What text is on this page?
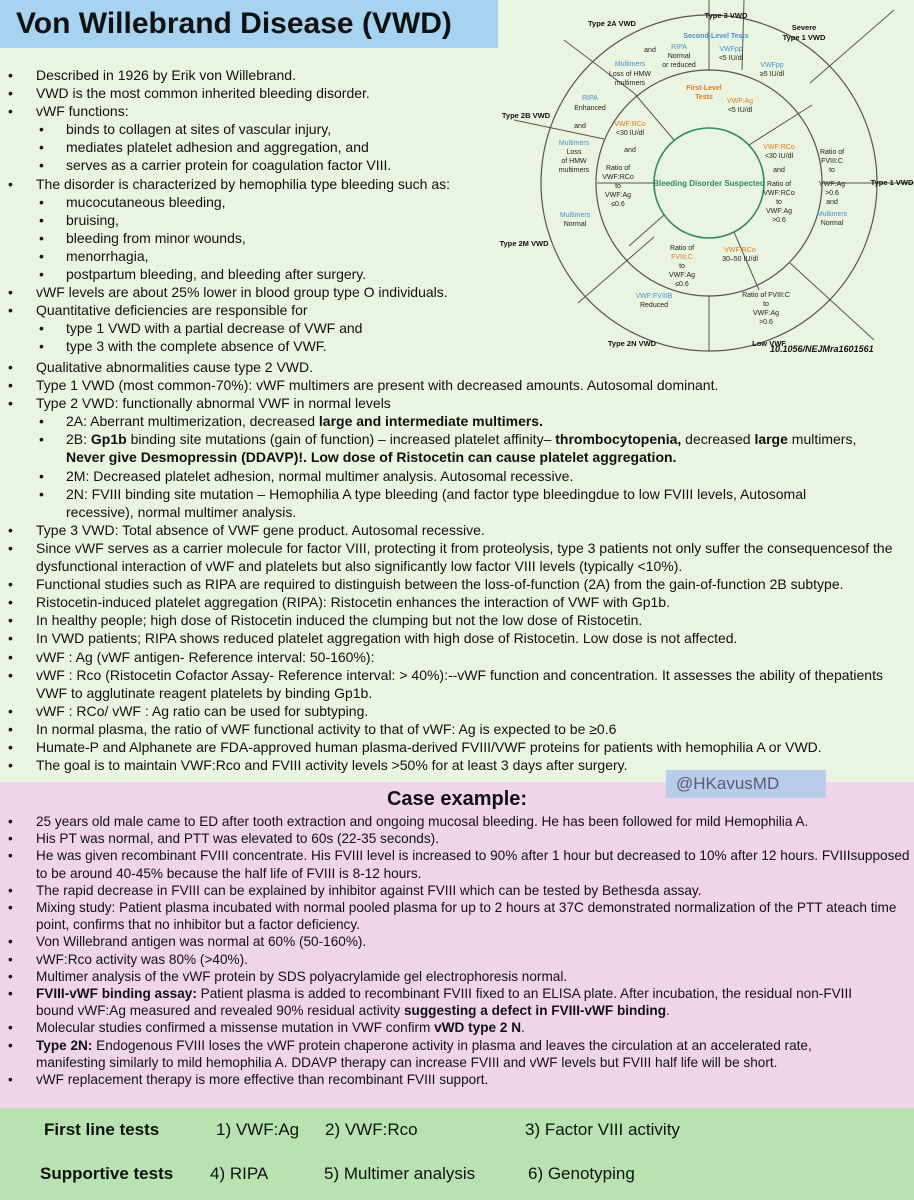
Von Willebrand Disease (VWD)
Bleeding Disorder Suspected
First-Level
Tests
Second-Level Tests
Type 3 VWD
Severe
Type 1 VWD
Type 1 VWD
Low VWF
Type 2N VWD
Type 2M VWD
Type 2B VWD
Type 2A VWD
RIPA
Normal
or reduced
VWFpp
<5 IU/dl
VWFpp
≥5 IU/dl
Ratio of
FVIII:C
to
VWF:Ag
>0.6
and
Multimers
Normal
Ratio of FVIII:C
to
VWF:Ag
>0.6
VWF:FVIIIB
Reduced
Multimers
Normal
RIPA
Enhanced
and
Multimers
Loss
of HMW
multimers
and
Multimers
Loss of HMW
multimers
VWF:Ag
<5 IU/dl
VWF:RCo
<30 IU/dl
and
Ratio of
VWF:RCo
to
VWF:Ag
>0.6
VWF:RCo
30–50 IU/dl
Ratio of
FVIII:C
to
VWF:Ag
≤0.6
VWF:RCo
<30 IU/dl
and
Ratio of
VWF:RCo
to
VWF:Ag
≤0.6
10.1056/NEJMra1601561
• Described in 1926 by Erik von Willebrand.
• VWD is the most common inherited bleeding disorder.
• vWF functions:
• binds to collagen at sites of vascular injury,
• mediates platelet adhesion and aggregation, and
• serves as a carrier protein for coagulation factor VIII.
• The disorder is characterized by hemophilia type bleeding such as:
• mucocutaneous bleeding,
• bruising,
• bleeding from minor wounds,
• menorrhagia,
• postpartum bleeding, and bleeding after surgery.
• vWF levels are about 25% lower in blood group type O individuals.
• Quantitative deficiencies are responsible for
• type 1 VWD with a partial decrease of VWF and
• type 3 with the complete absence of VWF.
• Qualitative abnormalities cause type 2 VWD.
• Type 1 VWD (most common-70%): vWF multimers are present with decreased amounts. Autosomal dominant.
• Type 2 VWD: functionally abnormal VWF in normal levels
• 2A: Aberrant multimerization, decreased large and intermediate multimers.
• 2B: Gp1b binding site mutations (gain of function) – increased platelet affinity– thrombocytopenia, decreased large multimers,
Never give Desmopressin (DDAVP)!. Low dose of Ristocetin can cause platelet aggregation.
• 2M: Decreased platelet adhesion, normal multimer analysis. Autosomal recessive.
• 2N: FVIII binding site mutation – Hemophilia A type bleeding (and factor type bleedingdue to low FVIII levels, Autosomal
recessive), normal multimer analysis.
• Type 3 VWD: Total absence of VWF gene product. Autosomal recessive.
• Since vWF serves as a carrier molecule for factor VIII, protecting it from proteolysis, type 3 patients not only suffer the consequencesof the dysfunctional interaction of vWF and platelets but also significantly low factor VIII levels (typically <10%).
• Functional studies such as RIPA are required to distinguish between the loss-of-function (2A) from the gain-of-function 2B subtype.
• Ristocetin-induced platelet aggregation (RIPA): Ristocetin enhances the interaction of VWF with Gp1b.
• In healthy people; high dose of Ristocetin induced the clumping but not the low dose of Ristocetin.
• In VWD patients; RIPA shows reduced platelet aggregation with high dose of Ristocetin. Low dose is not affected.
• vWF : Ag (vWF antigen- Reference interval: 50-160%):
• vWF : Rco (Ristocetin Cofactor Assay- Reference interval: > 40%):--vWF function and concentration. It assesses the ability of thepatients VWF to agglutinate reagent platelets by binding Gp1b.
• vWF : RCo/ vWF : Ag ratio can be used for subtyping.
• In normal plasma, the ratio of vWF functional activity to that of vWF: Ag is expected to be ≥0.6
• Humate-P and Alphanete are FDA-approved human plasma-derived FVIII/VWF proteins for patients with hemophilia A or VWD.
• The goal is to maintain VWF:Rco and FVIII activity levels >50% for at least 3 days after surgery.
@HKavusMD
Case example:
• 25 years old male came to ED after tooth extraction and ongoing mucosal bleeding. He has been followed for mild Hemophilia A.
• His PT was normal, and PTT was elevated to 60s (22-35 seconds).
• He was given recombinant FVIII concentrate. His FVIII level is increased to 90% after 1 hour but decreased to 10% after 12 hours. FVIIIsupposed to be around 40-45% because the half life of FVIII is 8-12 hours.
• The rapid decrease in FVIII can be explained by inhibitor against FVIII which can be tested by Bethesda assay.
• Mixing study: Patient plasma incubated with normal pooled plasma for up to 2 hours at 37C demonstrated normalization of the PTT ateach time point, confirms that no inhibitor but a factor deficiency.
• Von Willebrand antigen was normal at 60% (50-160%).
• vWF:Rco activity was 80% (>40%).
• Multimer analysis of the vWF protein by SDS polyacrylamide gel electrophoresis normal.
• FVIII-vWF binding assay: Patient plasma is added to recombinant FVIII fixed to an ELISA plate. After incubation, the residual non-FVIII
bound vWF:Ag measured and revealed 90% residual activity suggesting a defect in FVIII-vWF binding.
• Molecular studies confirmed a missense mutation in VWF confirm vWD type 2 N.
• Type 2N: Endogenous FVIII loses the vWF protein chaperone activity in plasma and leaves the circulation at an accelerated rate,
manifesting similarly to mild hemophilia A. DDAVP therapy can increase FVIII and vWF levels but FVIII half life will be short.
• vWF replacement therapy is more effective than recombinant FVIII support.
First line tests	1) VWF:Ag 2) VWF:Rco	3) Factor VIII activity
Supportive tests 4) RIPA	5) Multimer analysis	6) Genotyping
